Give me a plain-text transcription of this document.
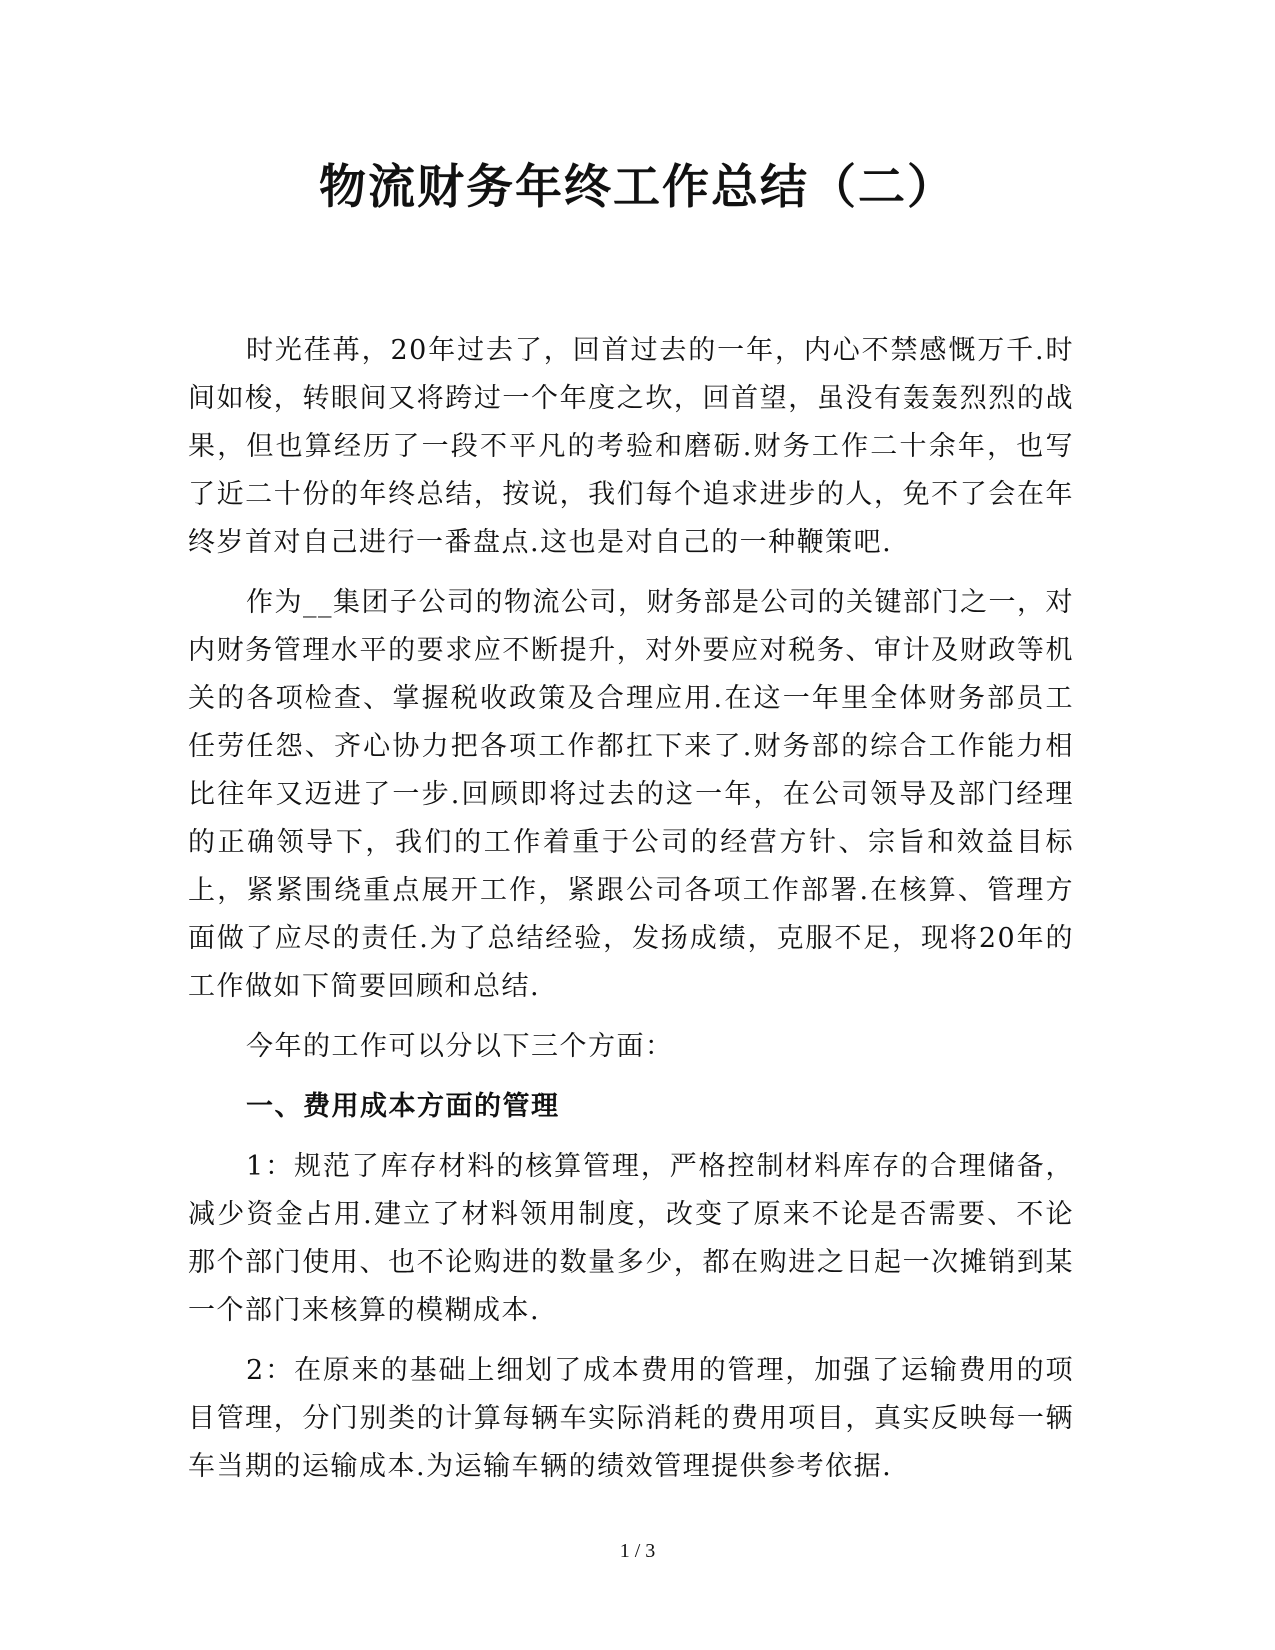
物流财务年终工作总结（二）

时光荏苒，20年过去了，回首过去的一年，内心不禁感慨万千.时间如梭，转眼间又将跨过一个年度之坎，回首望，虽没有轰轰烈烈的战果，但也算经历了一段不平凡的考验和磨砺.财务工作二十余年，也写了近二十份的年终总结，按说，我们每个追求进步的人，免不了会在年终岁首对自己进行一番盘点.这也是对自己的一种鞭策吧.

作为__集团子公司的物流公司，财务部是公司的关键部门之一，对内财务管理水平的要求应不断提升，对外要应对税务、审计及财政等机关的各项检查、掌握税收政策及合理应用.在这一年里全体财务部员工任劳任怨、齐心协力把各项工作都扛下来了.财务部的综合工作能力相比往年又迈进了一步.回顾即将过去的这一年，在公司领导及部门经理的正确领导下，我们的工作着重于公司的经营方针、宗旨和效益目标上，紧紧围绕重点展开工作，紧跟公司各项工作部署.在核算、管理方面做了应尽的责任.为了总结经验，发扬成绩，克服不足，现将20年的工作做如下简要回顾和总结.

今年的工作可以分以下三个方面：

一、费用成本方面的管理

1：规范了库存材料的核算管理，严格控制材料库存的合理储备，减少资金占用.建立了材料领用制度，改变了原来不论是否需要、不论那个部门使用、也不论购进的数量多少，都在购进之日起一次摊销到某一个部门来核算的模糊成本.

2：在原来的基础上细划了成本费用的管理，加强了运输费用的项目管理，分门别类的计算每辆车实际消耗的费用项目，真实反映每一辆车当期的运输成本.为运输车辆的绩效管理提供参考依据.

1 / 3
